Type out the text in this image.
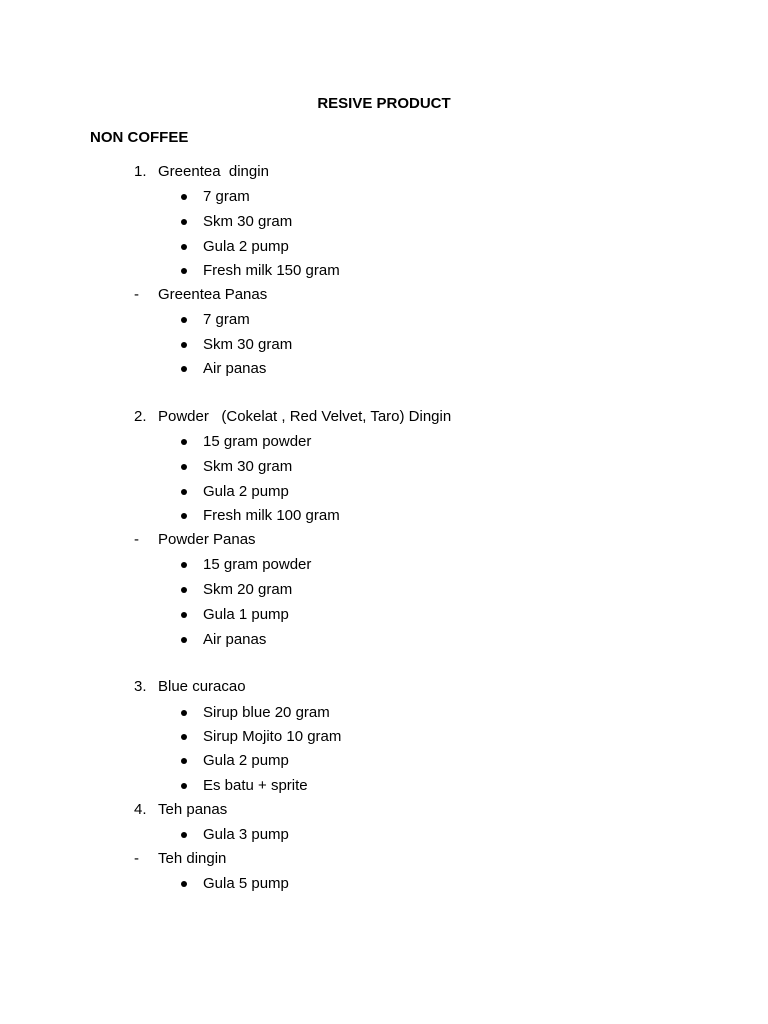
RESIVE PRODUCT
NON COFFEE
1. Greentea  dingin
7 gram
Skm 30 gram
Gula 2 pump
Fresh milk 150 gram
- Greentea Panas
7 gram
Skm 30 gram
Air panas
2. Powder   (Cokelat , Red Velvet, Taro) Dingin
15 gram powder
Skm 30 gram
Gula 2 pump
Fresh milk 100 gram
- Powder Panas
15 gram powder
Skm 20 gram
Gula 1 pump
Air panas
3. Blue curacao
Sirup blue 20 gram
Sirup Mojito 10 gram
Gula 2 pump
Es batu + sprite
4. Teh panas
Gula 3 pump
- Teh dingin
Gula 5 pump
